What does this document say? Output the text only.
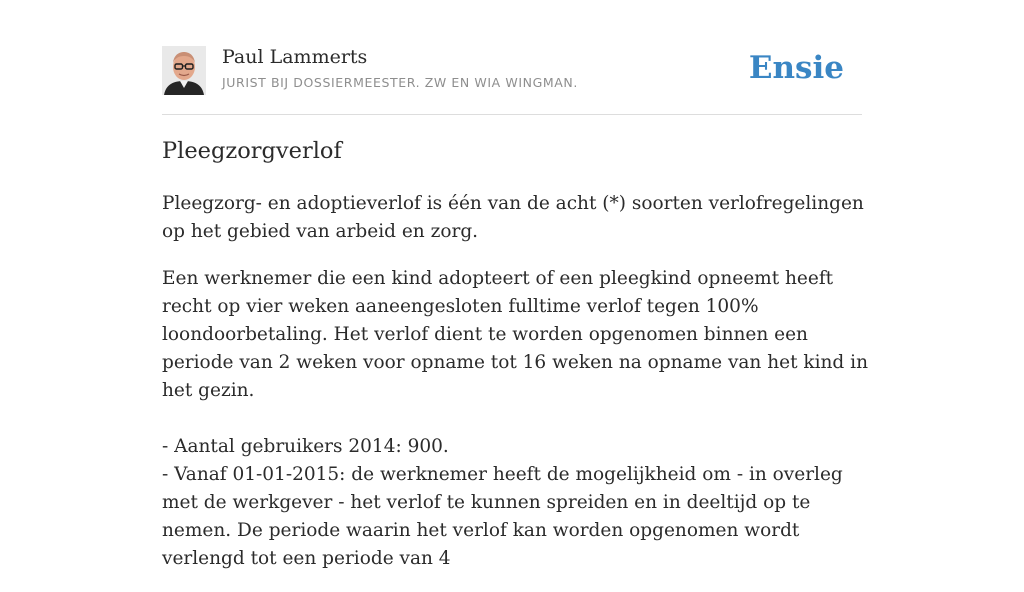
Paul Lammerts
JURIST BIJ DOSSIERMEESTER. ZW EN WIA WINGMAN.	Ensie
Pleegzorgverlof

Pleegzorg- en adoptieverlof is één van de acht (*) soorten verlofregelingen op het gebied van arbeid en zorg.

Een werknemer die een kind adopteert of een pleegkind opneemt heeft recht op vier weken aaneengesloten fulltime verlof tegen 100% loondoorbetaling. Het verlof dient te worden opgenomen binnen een periode van 2 weken voor opname tot 16 weken na opname van het kind in het gezin.

- Aantal gebruikers 2014: 900.
- Vanaf 01-01-2015: de werknemer heeft de mogelijkheid om - in overleg met de werkgever - het verlof te kunnen spreiden en in deeltijd op te nemen. De periode waarin het verlof kan worden opgenomen wordt verlengd tot een periode van 4
